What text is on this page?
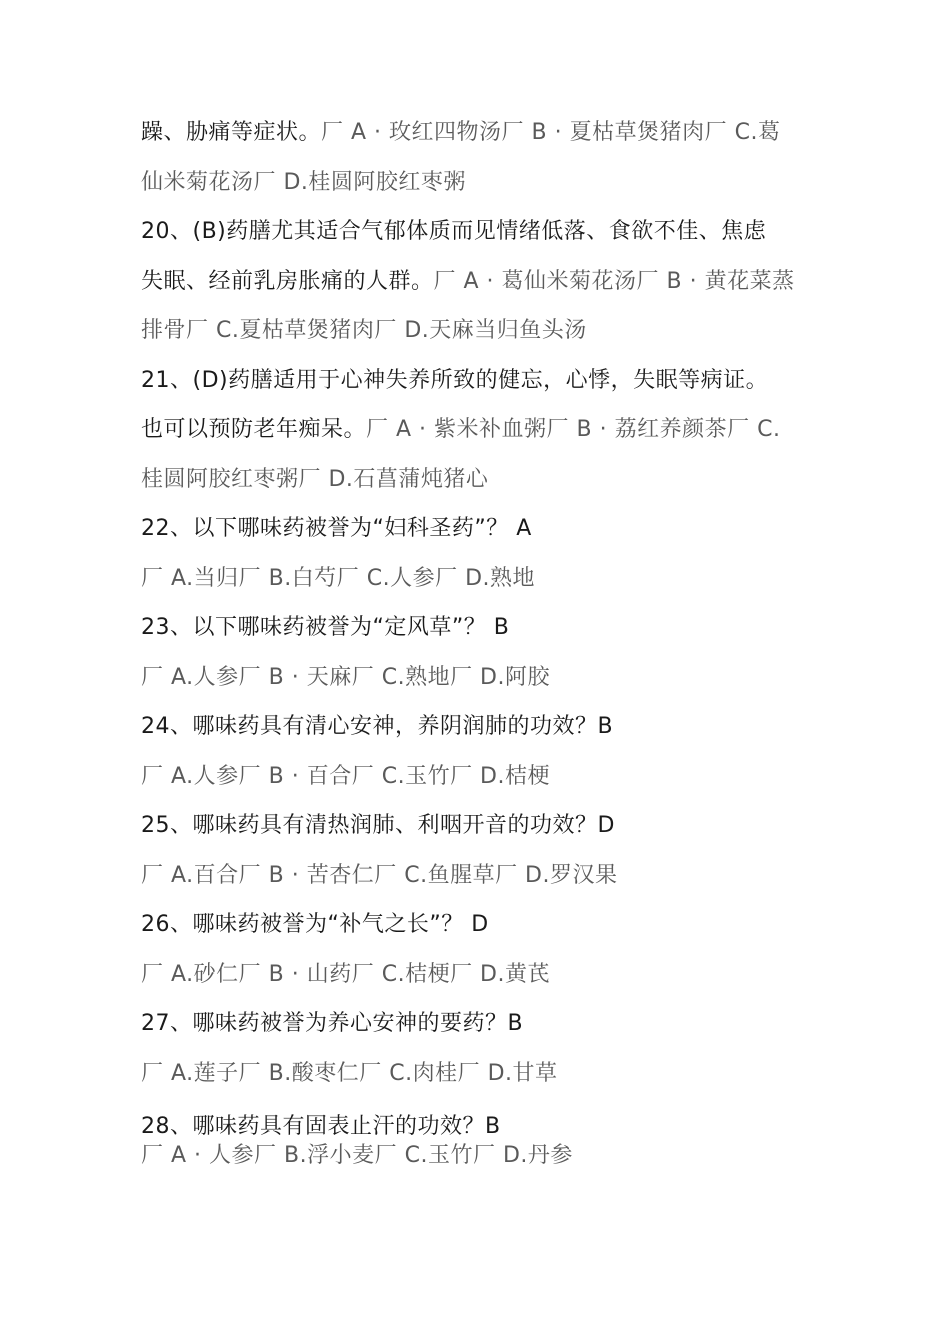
躁、胁痛等症状。厂 A · 玫红四物汤厂 B · 夏枯草煲猪肉厂 C.葛
仙米菊花汤厂 D.桂圆阿胶红枣粥
20、(B)药膳尤其适合气郁体质而见情绪低落、食欲不佳、焦虑
失眠、经前乳房胀痛的人群。厂 A · 葛仙米菊花汤厂 B · 黄花菜蒸
排骨厂 C.夏枯草煲猪肉厂 D.天麻当归鱼头汤
21、(D)药膳适用于心神失养所致的健忘，心悸，失眠等病证。
也可以预防老年痴呆。厂 A · 紫米补血粥厂 B · 荔红养颜茶厂 C.
桂圆阿胶红枣粥厂 D.石菖蒲炖猪心
22、以下哪味药被誉为“妇科圣药”？ A
厂 A.当归厂 B.白芍厂 C.人参厂 D.熟地
23、以下哪味药被誉为“定风草”？ B
厂 A.人参厂 B · 天麻厂 C.熟地厂 D.阿胶
24、哪味药具有清心安神，养阴润肺的功效？B
厂 A.人参厂 B · 百合厂 C.玉竹厂 D.桔梗
25、哪味药具有清热润肺、利咽开音的功效？D
厂 A.百合厂 B · 苦杏仁厂 C.鱼腥草厂 D.罗汉果
26、哪味药被誉为“补气之长”？ D
厂 A.砂仁厂 B · 山药厂 C.桔梗厂 D.黄芪
27、哪味药被誉为养心安神的要药？B
厂 A.莲子厂 B.酸枣仁厂 C.肉桂厂 D.甘草
28、哪味药具有固表止汗的功效？B
厂 A · 人参厂 B.浮小麦厂 C.玉竹厂 D.丹参
